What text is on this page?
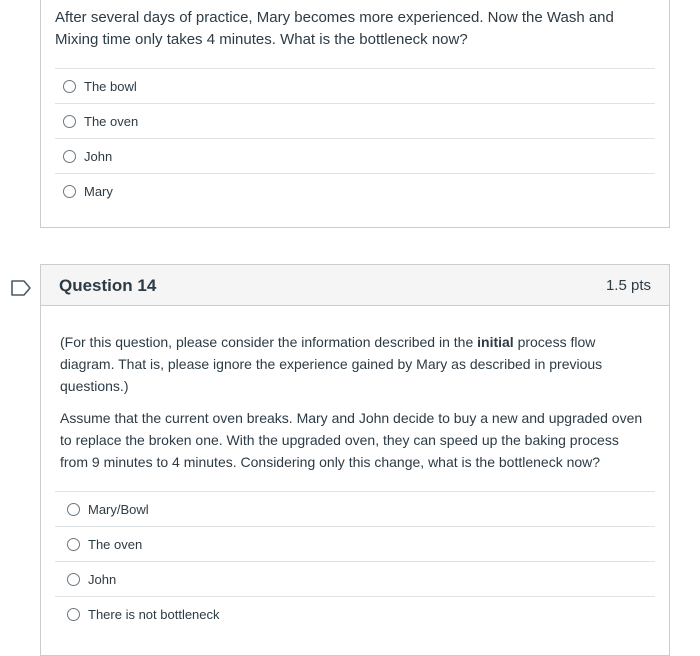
After several days of practice, Mary becomes more experienced. Now the Wash and Mixing time only takes 4 minutes. What is the bottleneck now?
The bowl
The oven
John
Mary
Question 14	1.5 pts

(For this question, please consider the information described in the initial process flow diagram. That is, please ignore the experience gained by Mary as described in previous questions.)

Assume that the current oven breaks. Mary and John decide to buy a new and upgraded oven to replace the broken one. With the upgraded oven, they can speed up the baking process from 9 minutes to 4 minutes. Considering only this change, what is the bottleneck now?

Mary/Bowl
The oven
John
There is not bottleneck
